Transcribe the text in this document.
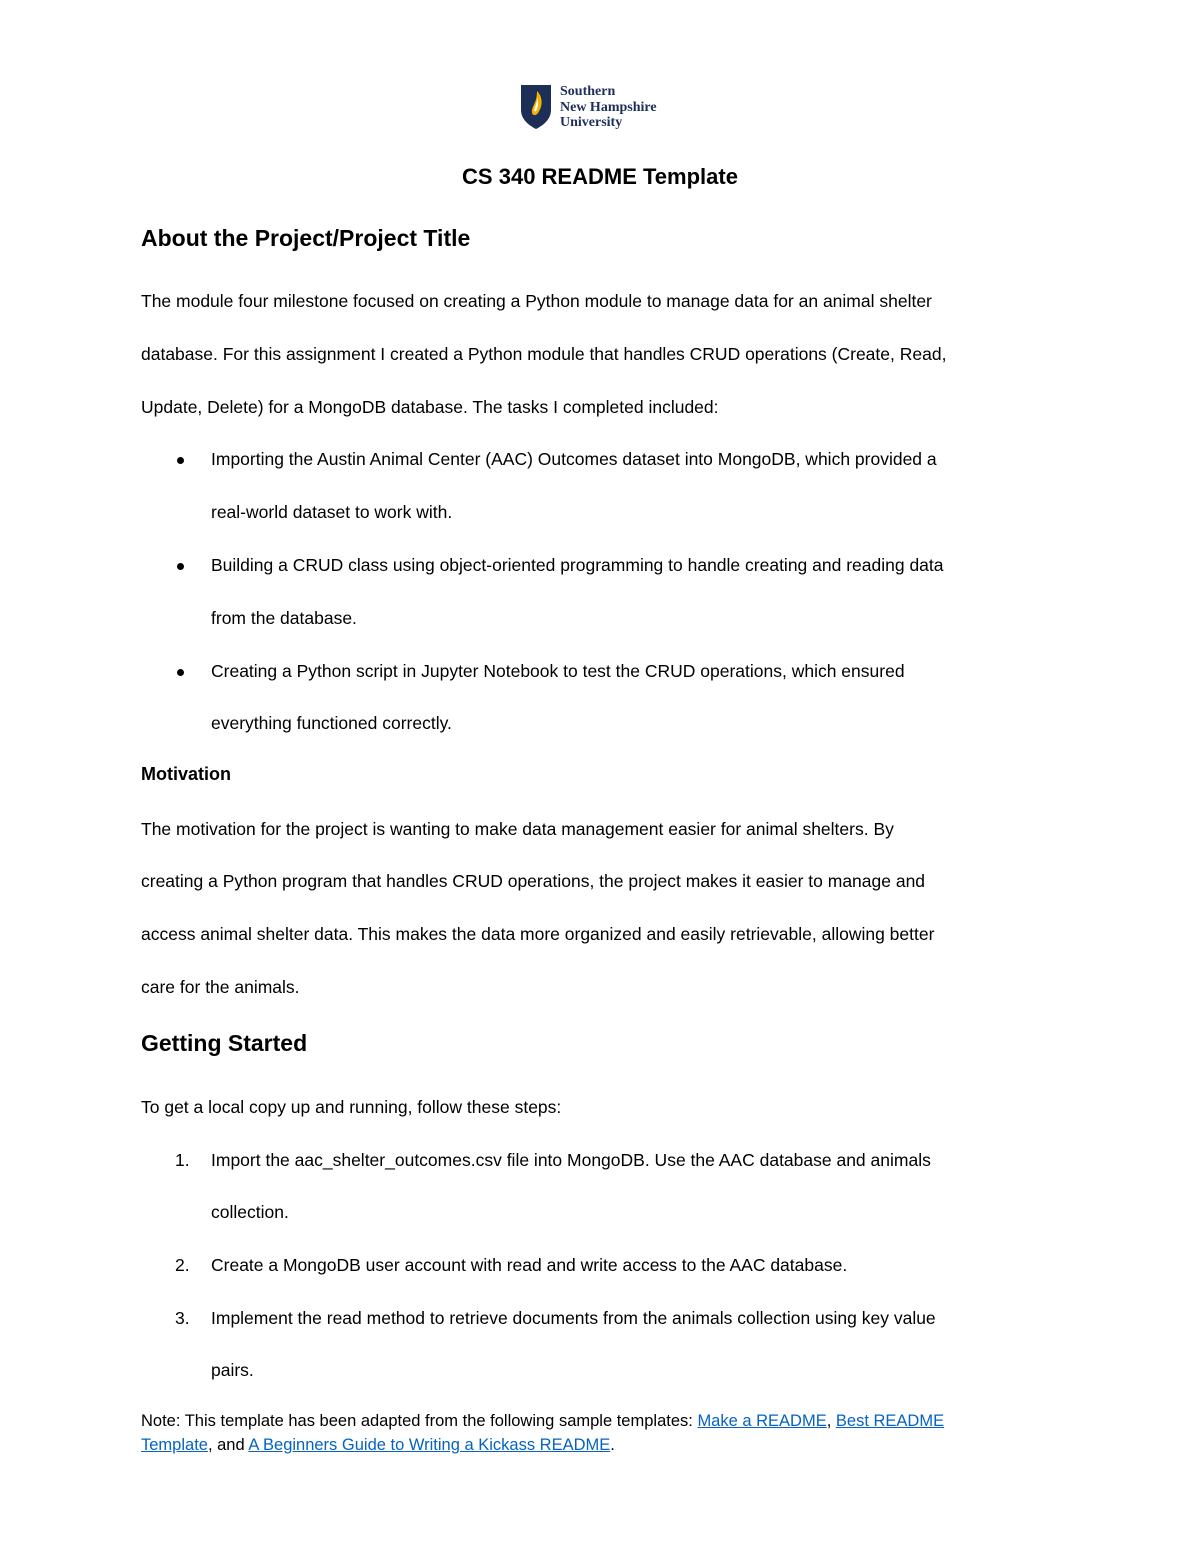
Southern
New Hampshire
University
CS 340 README Template
About the Project/Project Title
The module four milestone focused on creating a Python module to manage data for an animal shelter
database. For this assignment I created a Python module that handles CRUD operations (Create, Read,
Update, Delete) for a MongoDB database. The tasks I completed included:
Importing the Austin Animal Center (AAC) Outcomes dataset into MongoDB, which provided a
real-world dataset to work with.
Building a CRUD class using object-oriented programming to handle creating and reading data
from the database.
Creating a Python script in Jupyter Notebook to test the CRUD operations, which ensured
everything functioned correctly.
Motivation
The motivation for the project is wanting to make data management easier for animal shelters. By
creating a Python program that handles CRUD operations, the project makes it easier to manage and
access animal shelter data. This makes the data more organized and easily retrievable, allowing better
care for the animals.
Getting Started
To get a local copy up and running, follow these steps:
1. Import the aac_shelter_outcomes.csv file into MongoDB. Use the AAC database and animals
collection.
2. Create a MongoDB user account with read and write access to the AAC database.
3. Implement the read method to retrieve documents from the animals collection using key value
pairs.
Note: This template has been adapted from the following sample templates: Make a README, Best README
Template, and A Beginners Guide to Writing a Kickass README.
